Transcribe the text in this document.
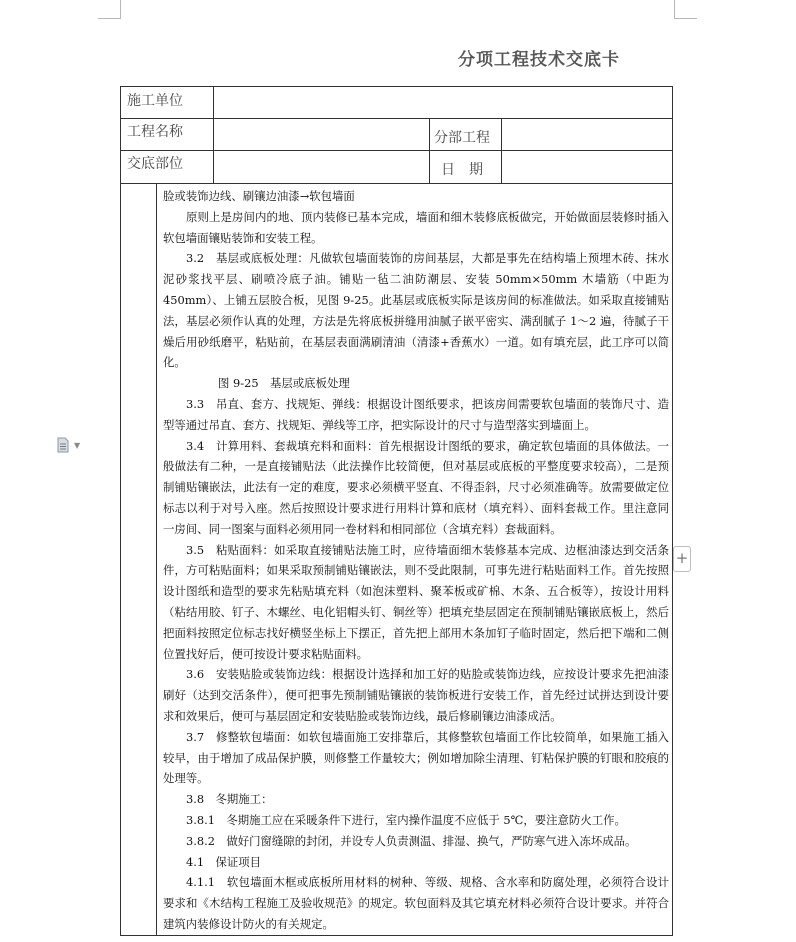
分项工程技术交底卡
施工单位
工程名称
交底部位
分部工程
日　期

脸或装饰边线、刷镶边油漆→软包墙面

原则上是房间内的地、顶内装修已基本完成，墙面和细木装修底板做完，开始做面层装修时插入软包墙面镶贴装饰和安装工程。

3.2　基层或底板处理：凡做软包墙面装饰的房间基层，大都是事先在结构墙上预埋木砖、抹水泥砂浆找平层、刷喷冷底子油。铺贴一毡二油防潮层、安装 50mm×50mm 木墙筋（中距为 450mm）、上铺五层胶合板，见图 9-25。此基层或底板实际是该房间的标准做法。如采取直接铺贴法，基层必须作认真的处理，方法是先将底板拼缝用油腻子嵌平密实、满刮腻子 1～2 遍，待腻子干燥后用砂纸磨平，粘贴前，在基层表面满刷清油（清漆+香蕉水）一道。如有填充层，此工序可以简化。

图 9-25　基层或底板处理

3.3　吊直、套方、找规矩、弹线：根据设计图纸要求，把该房间需要软包墙面的装饰尺寸、造型等通过吊直、套方、找规矩、弹线等工序，把实际设计的尺寸与造型落实到墙面上。

3.4　计算用料、套裁填充料和面料：首先根据设计图纸的要求，确定软包墙面的具体做法。一般做法有二种，一是直接铺贴法（此法操作比较简便，但对基层或底板的平整度要求较高），二是预制铺贴镶嵌法，此法有一定的难度，要求必须横平竖直、不得歪斜，尺寸必须准确等。放需要做定位标志以利于对号入座。然后按照设计要求进行用料计算和底材（填充料）、面料套裁工作。里注意同一房间、同一图案与面料必须用同一卷材料和相同部位（含填充料）套裁面料。

3.5　粘贴面料：如采取直接铺贴法施工时，应待墙面细木装修基本完成、边框油漆达到交活条件，方可粘贴面料；如果采取预制铺贴镶嵌法，则不受此限制，可事先进行粘贴面料工作。首先按照设计图纸和造型的要求先粘贴填充料（如泡沫塑料、聚苯板或矿棉、木条、五合板等），按设计用料（粘结用胶、钉子、木螺丝、电化铝帽头钉、铜丝等）把填充垫层固定在预制铺贴镶嵌底板上，然后把面料按照定位标志找好横竖坐标上下摆正，首先把上部用木条加钉子临时固定，然后把下端和二侧位置找好后，便可按设计要求粘贴面料。

3.6　安装贴脸或装饰边线：根据设计选择和加工好的贴脸或装饰边线，应按设计要求先把油漆刷好（达到交活条件），便可把事先预制铺贴镶嵌的装饰板进行安装工作，首先经过试拼达到设计要求和效果后，便可与基层固定和安装贴脸或装饰边线，最后修刷镶边油漆成活。

3.7　修整软包墙面：如软包墙面施工安排靠后，其修整软包墙面工作比较简单，如果施工插入较早，由于增加了成品保护膜，则修整工作量较大；例如增加除尘清理、钉粘保护膜的钉眼和胶痕的处理等。

3.8　冬期施工：

3.8.1　冬期施工应在采暖条件下进行，室内操作温度不应低于 5℃，要注意防火工作。

3.8.2　做好门窗缝隙的封闭，并设专人负责测温、排湿、换气，严防寒气进入冻坏成品。

4.1　保证项目

4.1.1　软包墙面木框或底板所用材料的树种、等级、规格、含水率和防腐处理，必须符合设计要求和《木结构工程施工及验收规范》的规定。软包面料及其它填充材料必须符合设计要求。并符合建筑内装修设计防火的有关规定。

▼
+
